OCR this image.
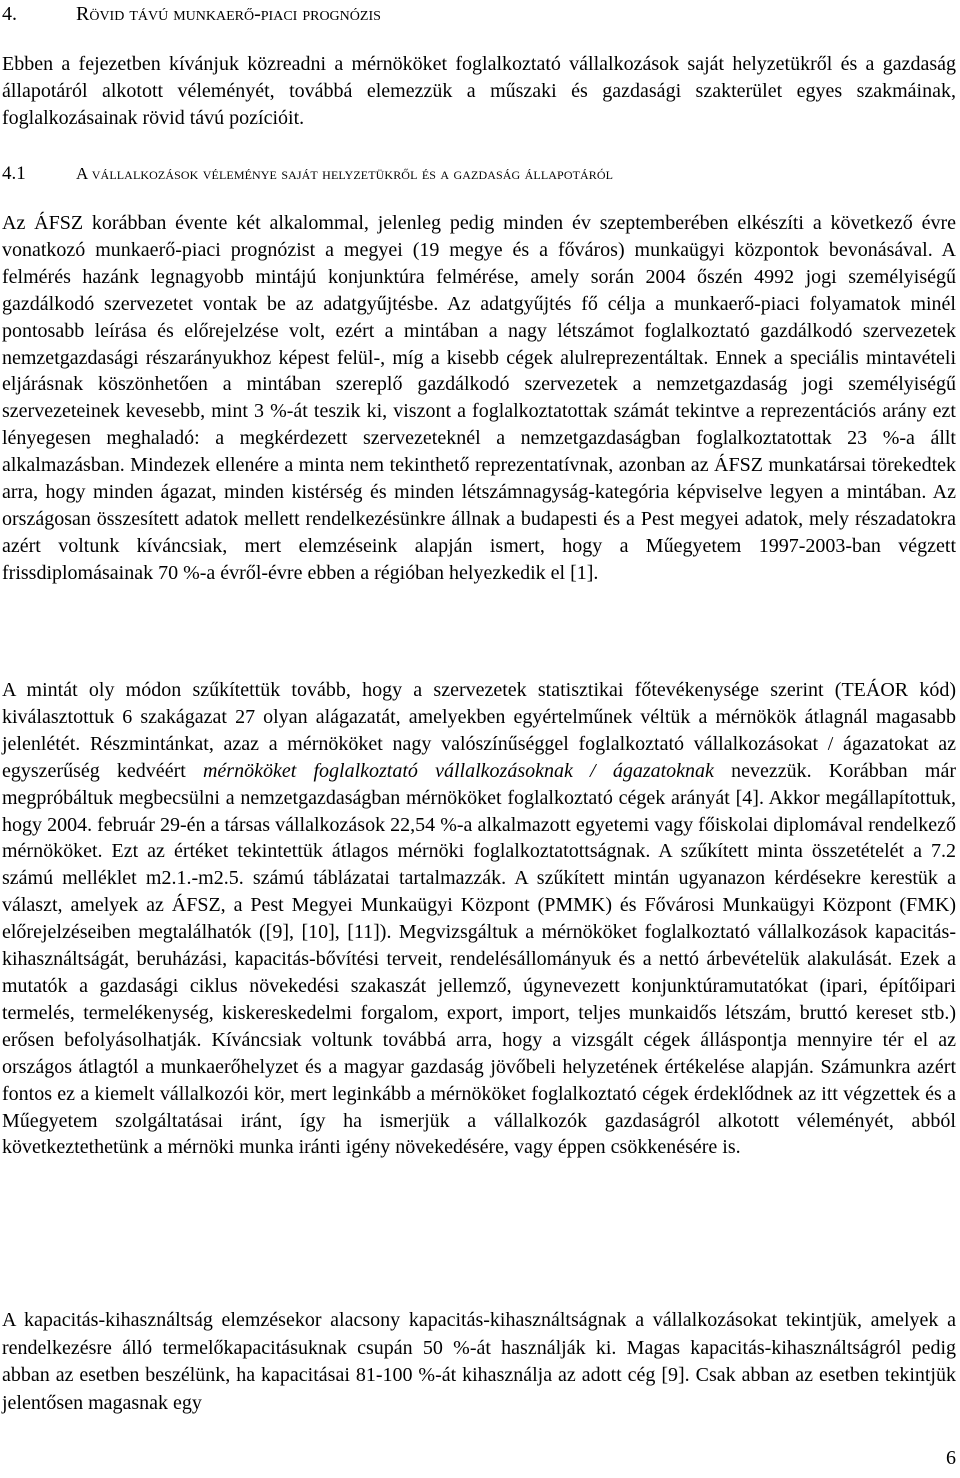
4.	Rövid távú munkaerő-piaci prognózis

Ebben a fejezetben kívánjuk közreadni a mérnököket foglalkoztató vállalkozások saját helyzetükről és a gazdaság állapotáról alkotott véleményét, továbbá elemezzük a műszaki és gazdasági szakterület egyes szakmáinak, foglalkozásainak rövid távú pozícióit.

4.1	A vállalkozások véleménye saját helyzetükről és a gazdaság állapotáról

Az ÁFSZ korábban évente két alkalommal, jelenleg pedig minden év szeptemberében elkészíti a következő évre vonatkozó munkaerő-piaci prognózist a megyei (19 megye és a főváros) munkaügyi központok bevonásával. A felmérés hazánk legnagyobb mintájú konjunktúra felmérése, amely során 2004 őszén 4992 jogi személyiségű gazdálkodó szervezetet vontak be az adatgyűjtésbe. Az adatgyűjtés fő célja a munkaerő-piaci folyamatok minél pontosabb leírása és előrejelzése volt, ezért a mintában a nagy létszámot foglalkoztató gazdálkodó szervezetek nemzetgazdasági részarányukhoz képest felül-, míg a kisebb cégek alulreprezentáltak. Ennek a speciális mintavételi eljárásnak köszönhetően a mintában szereplő gazdálkodó szervezetek a nemzetgazdaság jogi személyiségű szervezeteinek kevesebb, mint 3 %-át teszik ki, viszont a foglalkoztatottak számát tekintve a reprezentációs arány ezt lényegesen meghaladó: a megkérdezett szervezeteknél a nemzetgazdaságban foglalkoztatottak 23 %-a állt alkalmazásban. Mindezek ellenére a minta nem tekinthető reprezentatívnak, azonban az ÁFSZ munkatársai törekedtek arra, hogy minden ágazat, minden kistérség és minden létszámnagyság-kategória képviselve legyen a mintában. Az országosan összesített adatok mellett rendelkezésünkre állnak a budapesti és a Pest megyei adatok, mely részadatokra azért voltunk kíváncsiak, mert elemzéseink alapján ismert, hogy a Műegyetem 1997-2003-ban végzett frissdiplomásainak 70 %-a évről-évre ebben a régióban helyezkedik el [1].

A mintát oly módon szűkítettük tovább, hogy a szervezetek statisztikai főtevékenysége szerint (TEÁOR kód) kiválasztottuk 6 szakágazat 27 olyan alágazatát, amelyekben egyértelműnek véltük a mérnökök átlagnál magasabb jelenlétét. Részmintánkat, azaz a mérnököket nagy valószínűséggel foglalkoztató vállalkozásokat / ágazatokat az egyszerűség kedvéért mérnököket foglalkoztató vállalkozásoknak / ágazatoknak nevezzük. Korábban már megpróbáltuk megbecsülni a nemzetgazdaságban mérnököket foglalkoztató cégek arányát [4]. Akkor megállapítottuk, hogy 2004. február 29-én a társas vállalkozások 22,54 %-a alkalmazott egyetemi vagy főiskolai diplomával rendelkező mérnököket. Ezt az értéket tekintettük átlagos mérnöki foglalkoztatottságnak. A szűkített minta összetételét a 7.2 számú melléklet m2.1.-m2.5. számú táblázatai tartalmazzák. A szűkített mintán ugyanazon kérdésekre kerestük a választ, amelyek az ÁFSZ, a Pest Megyei Munkaügyi Központ (PMMK) és Fővárosi Munkaügyi Központ (FMK) előrejelzéseiben megtalálhatók ([9], [10], [11]). Megvizsgáltuk a mérnököket foglalkoztató vállalkozások kapacitás-kihasználtságát, beruházási, kapacitás-bővítési terveit, rendelésállományuk és a nettó árbevételük alakulását. Ezek a mutatók a gazdasági ciklus növekedési szakaszát jellemző, úgynevezett konjunktúramutatókat (ipari, építőipari termelés, termelékenység, kiskereskedelmi forgalom, export, import, teljes munkaidős létszám, bruttó kereset stb.) erősen befolyásolhatják. Kíváncsiak voltunk továbbá arra, hogy a vizsgált cégek álláspontja mennyire tér el az országos átlagtól a munkaerőhelyzet és a magyar gazdaság jövőbeli helyzetének értékelése alapján. Számunkra azért fontos ez a kiemelt vállalkozói kör, mert leginkább a mérnököket foglalkoztató cégek érdeklődnek az itt végzettek és a Műegyetem szolgáltatásai iránt, így ha ismerjük a vállalkozók gazdaságról alkotott véleményét, abból következtethetünk a mérnöki munka iránti igény növekedésére, vagy éppen csökkenésére is.

A kapacitás-kihasználtság elemzésekor alacsony kapacitás-kihasználtságnak a vállalkozásokat tekintjük, amelyek a rendelkezésre álló termelőkapacitásuknak csupán 50 %-át használják ki. Magas kapacitás-kihasználtságról pedig abban az esetben beszélünk, ha kapacitásai 81-100 %-át kihasználja az adott cég [9]. Csak abban az esetben tekintjük jelentősen magasnak egy

6
